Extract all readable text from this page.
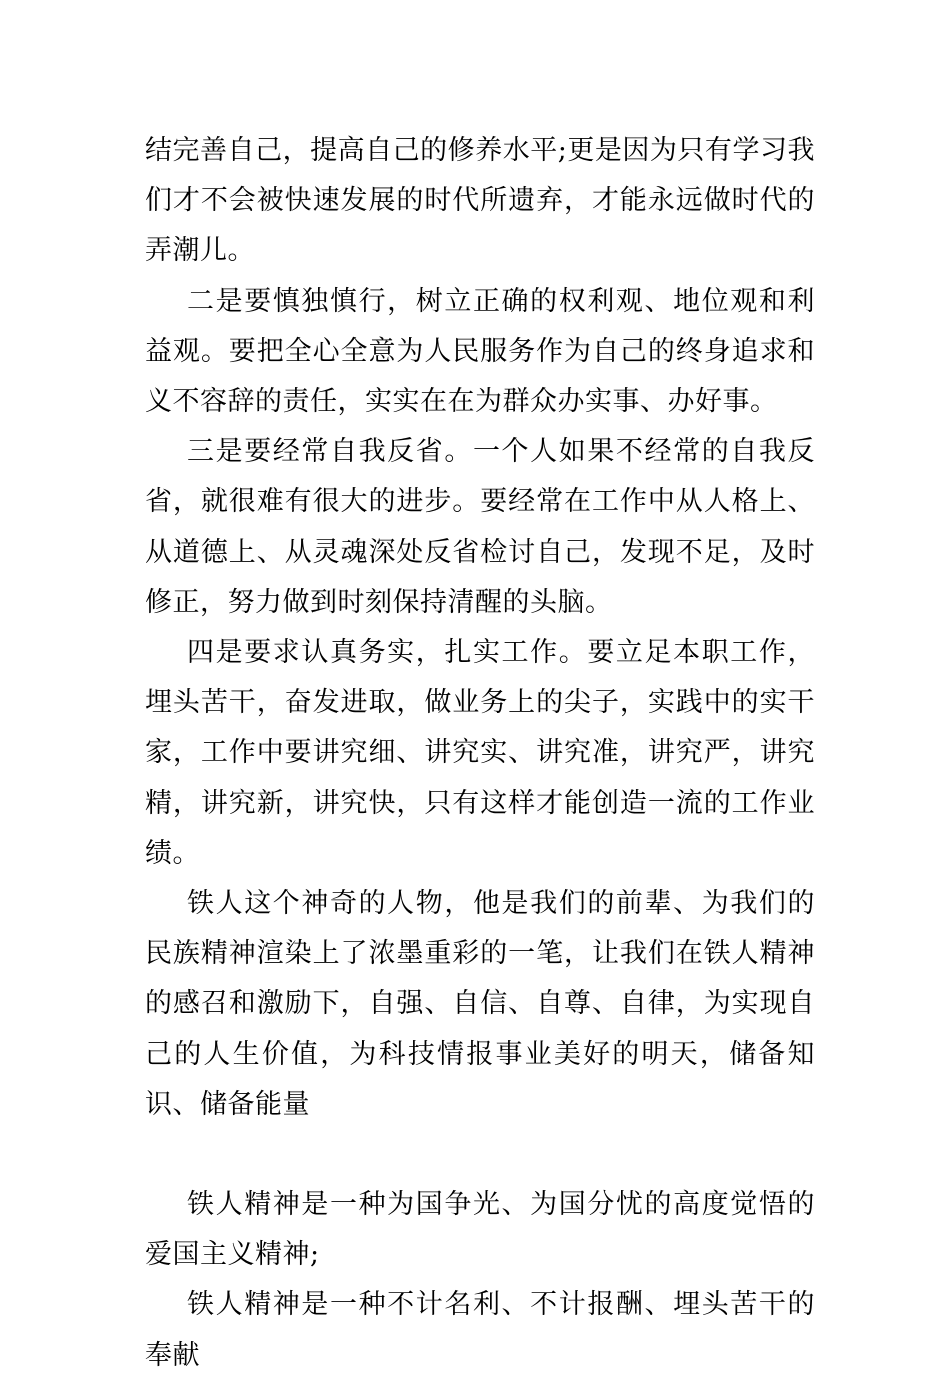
结完善自己，提高自己的修养水平;更是因为只有学习我们才不会被快速发展的时代所遗弃，才能永远做时代的弄潮儿。

二是要慎独慎行，树立正确的权利观、地位观和利益观。要把全心全意为人民服务作为自己的终身追求和义不容辞的责任，实实在在为群众办实事、办好事。

三是要经常自我反省。一个人如果不经常的自我反省，就很难有很大的进步。要经常在工作中从人格上、从道德上、从灵魂深处反省检讨自己，发现不足，及时修正，努力做到时刻保持清醒的头脑。

四是要求认真务实，扎实工作。要立足本职工作，埋头苦干，奋发进取，做业务上的尖子，实践中的实干家，工作中要讲究细、讲究实、讲究准，讲究严，讲究精，讲究新，讲究快，只有这样才能创造一流的工作业绩。

铁人这个神奇的人物，他是我们的前辈、为我们的民族精神渲染上了浓墨重彩的一笔，让我们在铁人精神的感召和激励下，自强、自信、自尊、自律，为实现自己的人生价值，为科技情报事业美好的明天，储备知识、储备能量

铁人精神是一种为国争光、为国分忧的高度觉悟的爱国主义精神;

铁人精神是一种不计名利、不计报酬、埋头苦干的奉献
